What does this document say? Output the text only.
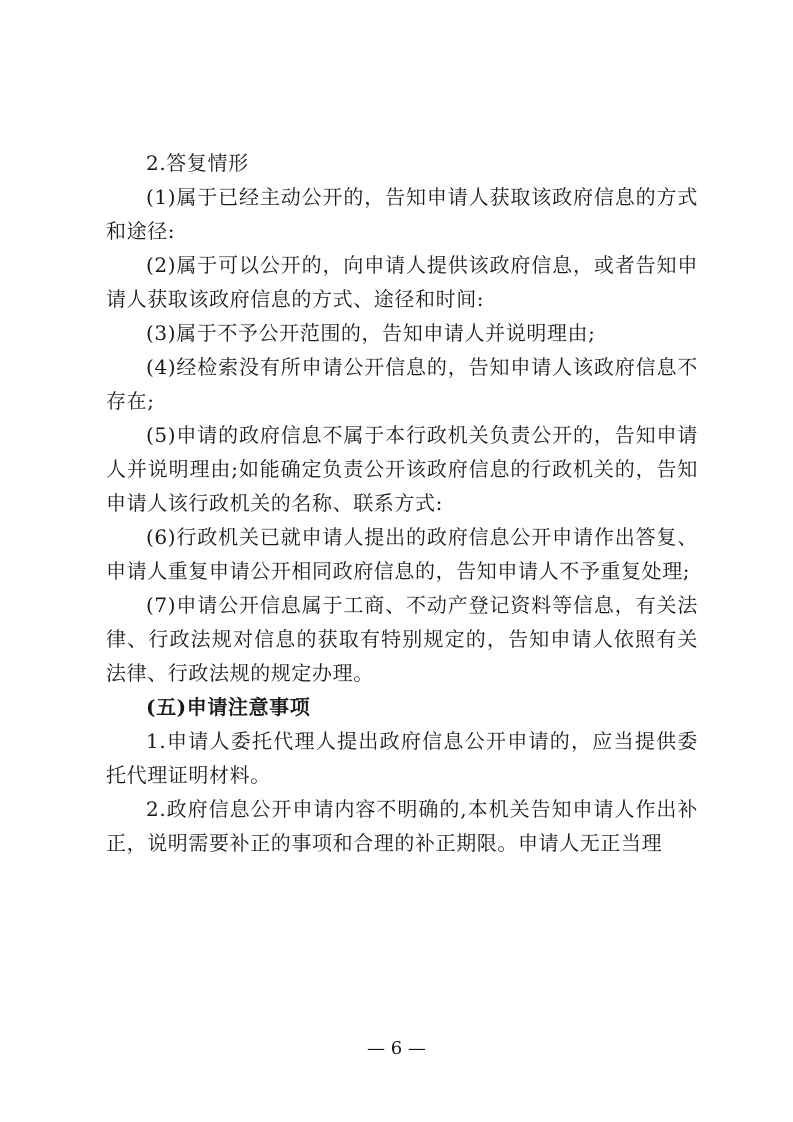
2.答复情形

(1)属于已经主动公开的，告知申请人获取该政府信息的方式和途径:

(2)属于可以公开的，向申请人提供该政府信息，或者告知申请人获取该政府信息的方式、途径和时间:

(3)属于不予公开范围的，告知申请人并说明理由;

(4)经检索没有所申请公开信息的，告知申请人该政府信息不存在;

(5)申请的政府信息不属于本行政机关负责公开的，告知申请人并说明理由;如能确定负责公开该政府信息的行政机关的，告知申请人该行政机关的名称、联系方式:

(6)行政机关已就申请人提出的政府信息公开申请作出答复、申请人重复申请公开相同政府信息的，告知申请人不予重复处理;

(7)申请公开信息属于工商、不动产登记资料等信息，有关法律、行政法规对信息的获取有特别规定的，告知申请人依照有关法律、行政法规的规定办理。

(五)申请注意事项

1.申请人委托代理人提出政府信息公开申请的，应当提供委托代理证明材料。

2.政府信息公开申请内容不明确的,本机关告知申请人作出补正，说明需要补正的事项和合理的补正期限。申请人无正当理

— 6 —
